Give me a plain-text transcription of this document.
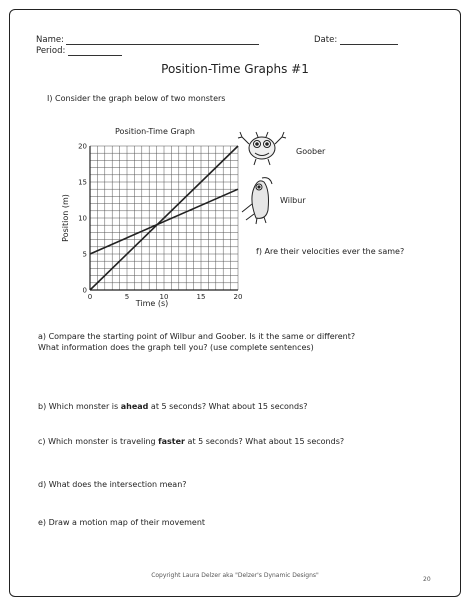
Name:
Period:
Date:
Position-Time Graphs #1
I) Consider the graph below of two monsters
Position-Time Graph
0	5	10	15	20
0
5
10
15
20
Time (s)
Position (m)
Goober
Wilbur
f) Are their velocities ever the same?
a) Compare the starting point of Wilbur and Goober. Is it the same or different?
What information does the graph tell you? (use complete sentences)
b) Which monster is ahead at 5 seconds? What about 15 seconds?
c) Which monster is traveling faster at 5 seconds? What about 15 seconds?
d) What does the intersection mean?
e) Draw a motion map of their movement
Copyright Laura Delzer aka "Delzer's Dynamic Designs"
20
